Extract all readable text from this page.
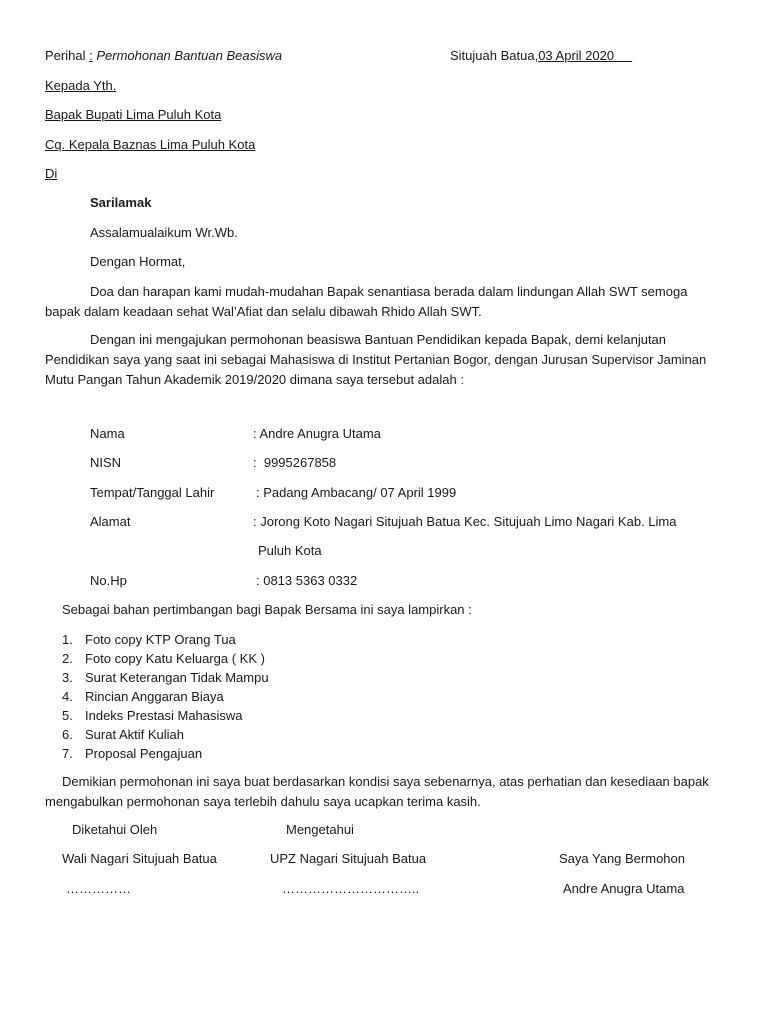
Perihal : Permohonan Bantuan Beasiswa	Situjuah Batua,03 April 2020
Kepada Yth.
Bapak Bupati Lima Puluh Kota
Cq. Kepala Baznas Lima Puluh Kota
Di
Sarilamak
Assalamualaikum Wr.Wb.
Dengan Hormat,
Doa dan harapan kami mudah-mudahan Bapak senantiasa berada dalam lindungan Allah SWT semoga bapak dalam keadaan sehat Wal’Afiat dan selalu dibawah Rhido Allah SWT.
Dengan ini mengajukan permohonan beasiswa Bantuan Pendidikan kepada Bapak, demi kelanjutan Pendidikan saya yang saat ini sebagai Mahasiswa di Institut Pertanian Bogor, dengan Jurusan Supervisor Jaminan Mutu Pangan Tahun Akademik 2019/2020 dimana saya tersebut adalah :
Nama	: Andre Anugra Utama
NISN	:  9995267858
Tempat/Tanggal Lahir	: Padang Ambacang/ 07 April 1999
Alamat	: Jorong Koto Nagari Situjuah Batua Kec. Situjuah Limo Nagari Kab. Lima
Puluh Kota
No.Hp	: 0813 5363 0332
Sebagai bahan pertimbangan bagi Bapak Bersama ini saya lampirkan :
1. Foto copy KTP Orang Tua
2. Foto copy Katu Keluarga ( KK )
3. Surat Keterangan Tidak Mampu
4. Rincian Anggaran Biaya
5. Indeks Prestasi Mahasiswa
6. Surat Aktif Kuliah
7. Proposal Pengajuan
Demikian permohonan ini saya buat berdasarkan kondisi saya sebenarnya, atas perhatian dan kesediaan bapak mengabulkan permohonan saya terlebih dahulu saya ucapkan terima kasih.
Diketahui Oleh	Mengetahui
Wali Nagari Situjuah Batua	UPZ Nagari Situjuah Batua	Saya Yang Bermohon
……………	…………………………..	Andre Anugra Utama
